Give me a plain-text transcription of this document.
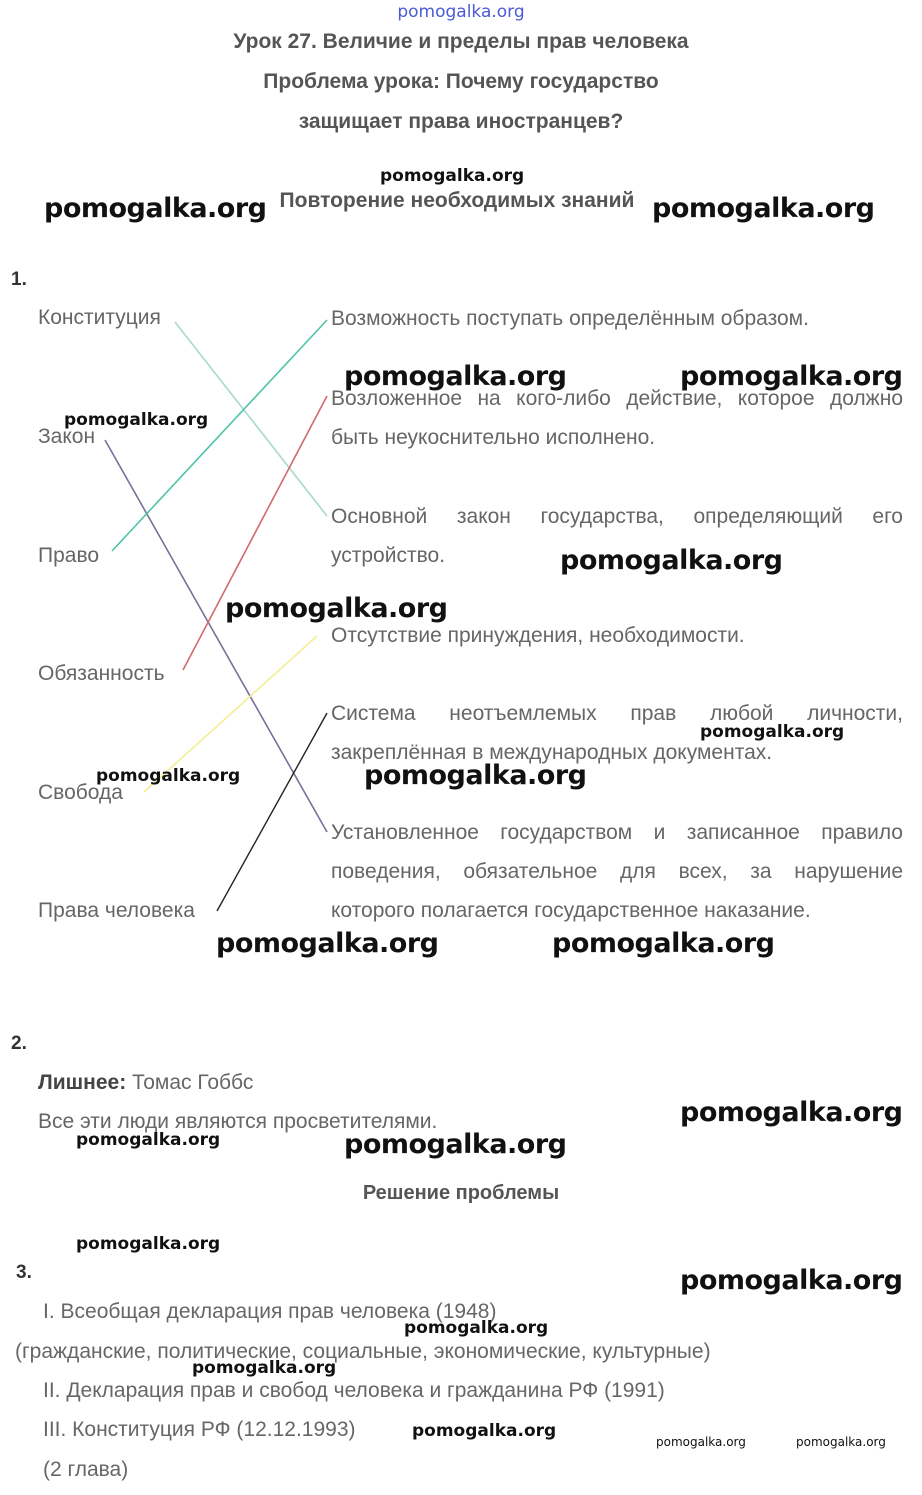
pomogalka.org
Урок 27. Величие и пределы прав человека
Проблема урока: Почему государство
защищает права иностранцев?
Повторение необходимых знаний
1.
Конституция
Закон
Право
Обязанность
Свобода
Права человека
Возможность поступать определённым образом.
Возложенное на кого-либо действие, которое должно быть неукоснительно исполнено.
Основной закон государства, определяющий его устройство.
Отсутствие принуждения, необходимости.
Система неотъемлемых прав любой личности, закреплённая в международных документах.
Установленное государством и записанное правило поведения, обязательное для всех, за нарушение которого полагается государственное наказание.
2.
Лишнее: Томас Гоббс
Все эти люди являются просветителями.
Решение проблемы
3.
I. Всеобщая декларация прав человека (1948)
(гражданские, политические, социальные, экономические, культурные)
II. Декларация прав и свобод человека и гражданина РФ (1991)
III. Конституция РФ (12.12.1993)
(2 глава)
pomogalka.org
pomogalka.org	pomogalka.org
pomogalka.org	pomogalka.org
pomogalka.org
pomogalka.org
pomogalka.org
pomogalka.org
pomogalka.org	pomogalka.org
pomogalka.org	pomogalka.org
pomogalka.org
pomogalka.org	pomogalka.org
pomogalka.org
pomogalka.org
pomogalka.org
pomogalka.org
pomogalka.org
pomogalka.org	pomogalka.org
